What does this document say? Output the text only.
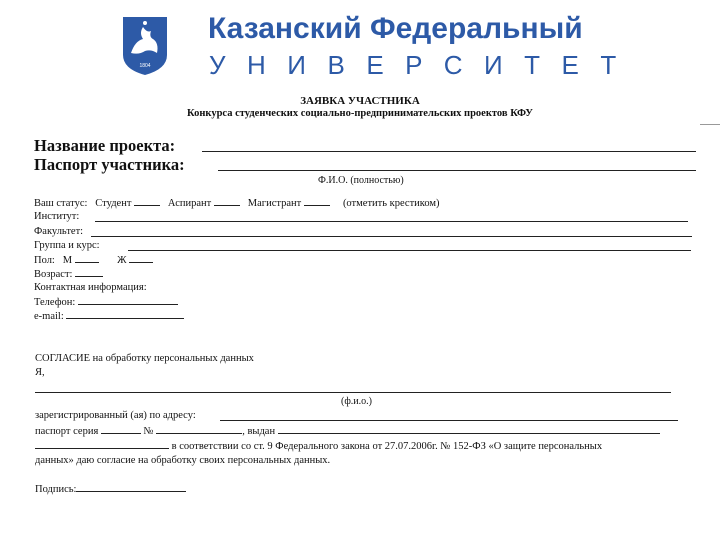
1804
Казанский Федеральный
УНИВЕРСИТЕТ
ЗАЯВКА УЧАСТНИКА
Конкурса студенческих социально-предпринимательских проектов КФУ
Название проекта:
Паспорт участника:
Ф.И.О. (полностью)
Ваш статус: Студент	Аспирант	Магистрант	(отметить крестиком)
Институт:
Факультет:
Группа и курс:
Пол: М	Ж
Возраст:
Контактная информация:
Телефон:
e-mail:
СОГЛАСИЕ на обработку персональных данных
Я,
(ф.и.о.)
зарегистрированный (ая) по адресу:
паспорт серия	№	, выдан
в соответствии со ст. 9 Федерального закона от 27.07.2006г. № 152-ФЗ «О защите персональных
данных» даю согласие на обработку своих персональных данных.
Подпись:
